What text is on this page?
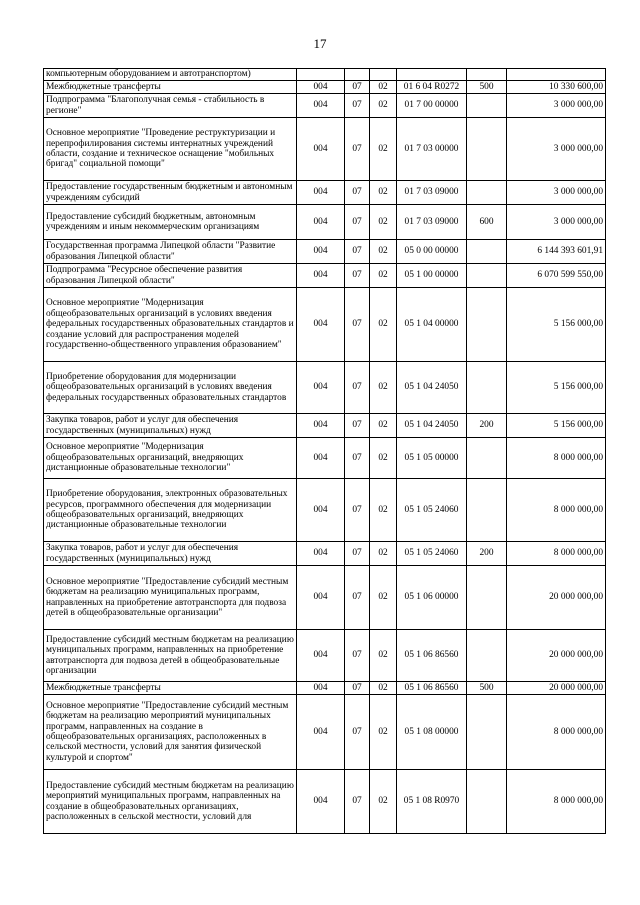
17
компьютерным оборудованием и автотранспортом)						
Межбюджетные трансферты	004	07	02	01 6 04 R0272	500	10 330 600,00
Подпрограмма "Благополучная семья - стабильность в регионе"	004	07	02	01 7 00 00000		3 000 000,00
Основное мероприятие "Проведение реструктуризации и перепрофилирования системы интернатных учреждений области, создание и техническое оснащение "мобильных бригад" социальной помощи"	004	07	02	01 7 03 00000		3 000 000,00
Предоставление государственным бюджетным и автономным учреждениям субсидий	004	07	02	01 7 03 09000		3 000 000,00
Предоставление субсидий бюджетным, автономным учреждениям и иным некоммерческим организациям	004	07	02	01 7 03 09000	600	3 000 000,00
Государственная программа Липецкой области "Развитие образования Липецкой области"	004	07	02	05 0 00 00000		6 144 393 601,91
Подпрограмма "Ресурсное обеспечение развития образования Липецкой области"	004	07	02	05 1 00 00000		6 070 599 550,00
Основное мероприятие "Модернизация общеобразовательных организаций в условиях введения федеральных государственных образовательных стандартов и создание условий для распространения моделей государственно-общественного управления образованием"	004	07	02	05 1 04 00000		5 156 000,00
Приобретение оборудования для модернизации общеобразовательных организаций в условиях введения федеральных государственных образовательных стандартов	004	07	02	05 1 04 24050		5 156 000,00
Закупка товаров, работ и услуг для обеспечения государственных (муниципальных) нужд	004	07	02	05 1 04 24050	200	5 156 000,00
Основное мероприятие "Модернизация общеобразовательных организаций, внедряющих дистанционные образовательные технологии"	004	07	02	05 1 05 00000		8 000 000,00
Приобретение оборудования, электронных образовательных ресурсов, программного обеспечения для модернизации общеобразовательных организаций, внедряющих дистанционные образовательные технологии	004	07	02	05 1 05 24060		8 000 000,00
Закупка товаров, работ и услуг для обеспечения государственных (муниципальных) нужд	004	07	02	05 1 05 24060	200	8 000 000,00
Основное мероприятие "Предоставление субсидий местным бюджетам на реализацию муниципальных программ, направленных на приобретение автотранспорта для подвоза детей в общеобразовательные организации"	004	07	02	05 1 06 00000		20 000 000,00
Предоставление субсидий местным бюджетам на реализацию муниципальных программ, направленных на приобретение автотранспорта для подвоза детей в общеобразовательные организации	004	07	02	05 1 06 86560		20 000 000,00
Межбюджетные трансферты	004	07	02	05 1 06 86560	500	20 000 000,00
Основное мероприятие "Предоставление субсидий местным бюджетам на реализацию мероприятий муниципальных программ, направленных на создание в общеобразовательных организациях, расположенных в сельской местности, условий для занятия физической культурой и спортом"	004	07	02	05 1 08 00000		8 000 000,00
Предоставление субсидий местным бюджетам на реализацию мероприятий муниципальных программ, направленных на создание в общеобразовательных организациях, расположенных в сельской местности, условий для	004	07	02	05 1 08 R0970		8 000 000,00
